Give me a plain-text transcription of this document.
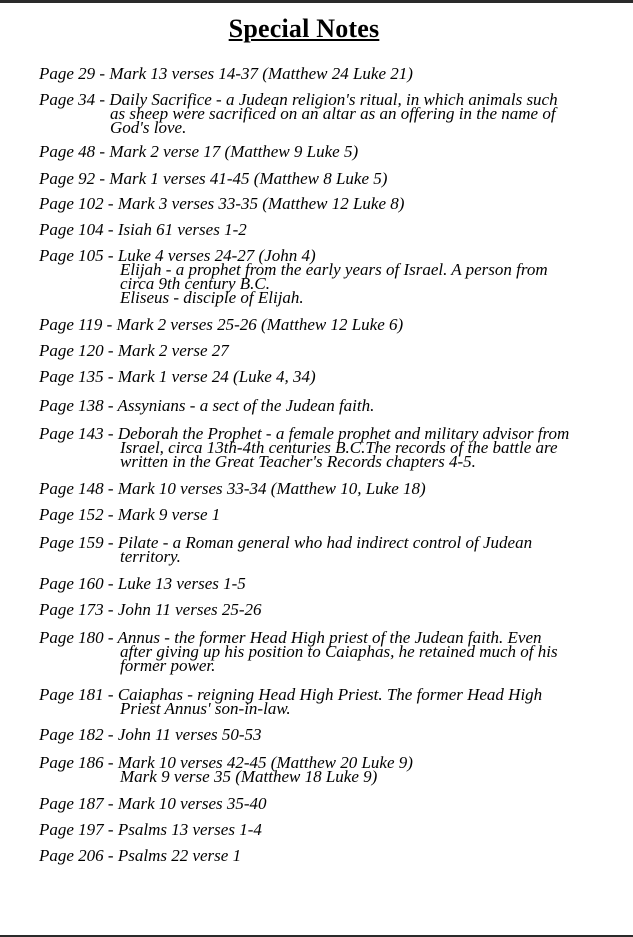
Special Notes
Page 29 - Mark 13 verses 14-37 (Matthew 24 Luke 21)
Page 34 - Daily Sacrifice - a Judean religion's ritual, in which animals such
as sheep were sacrificed on an altar as an offering in the name of
God's love.
Page 48 - Mark 2 verse 17 (Matthew 9 Luke 5)
Page 92 - Mark 1 verses 41-45 (Matthew 8 Luke 5)
Page 102 - Mark 3 verses 33-35 (Matthew 12 Luke 8)
Page 104 - Isiah 61 verses 1-2
Page 105 - Luke 4 verses 24-27 (John 4)
Elijah - a prophet from the early years of Israel. A person from
circa 9th century B.C.
Eliseus - disciple of Elijah.
Page 119 - Mark 2 verses 25-26 (Matthew 12 Luke 6)
Page 120 - Mark 2 verse 27
Page 135 - Mark 1 verse 24 (Luke 4, 34)
Page 138 - Assynians - a sect of the Judean faith.
Page 143 - Deborah the Prophet - a female prophet and military advisor from
Israel, circa 13th-4th centuries B.C.The records of the battle are
written in the Great Teacher's Records chapters 4-5.
Page 148 - Mark 10 verses 33-34 (Matthew 10, Luke 18)
Page 152 - Mark 9 verse 1
Page 159 - Pilate - a Roman general who had indirect control of Judean
territory.
Page 160 - Luke 13 verses 1-5
Page 173 - John 11 verses 25-26
Page 180 - Annus - the former Head High priest of the Judean faith. Even
after giving up his position to Caiaphas, he retained much of his
former power.
Page 181 - Caiaphas - reigning Head High Priest. The former Head High
Priest Annus' son-in-law.
Page 182 - John 11 verses 50-53
Page 186 - Mark 10 verses 42-45 (Matthew 20 Luke 9)
Mark 9 verse 35 (Matthew 18 Luke 9)
Page 187 - Mark 10 verses 35-40
Page 197 - Psalms 13 verses 1-4
Page 206 - Psalms 22 verse 1
